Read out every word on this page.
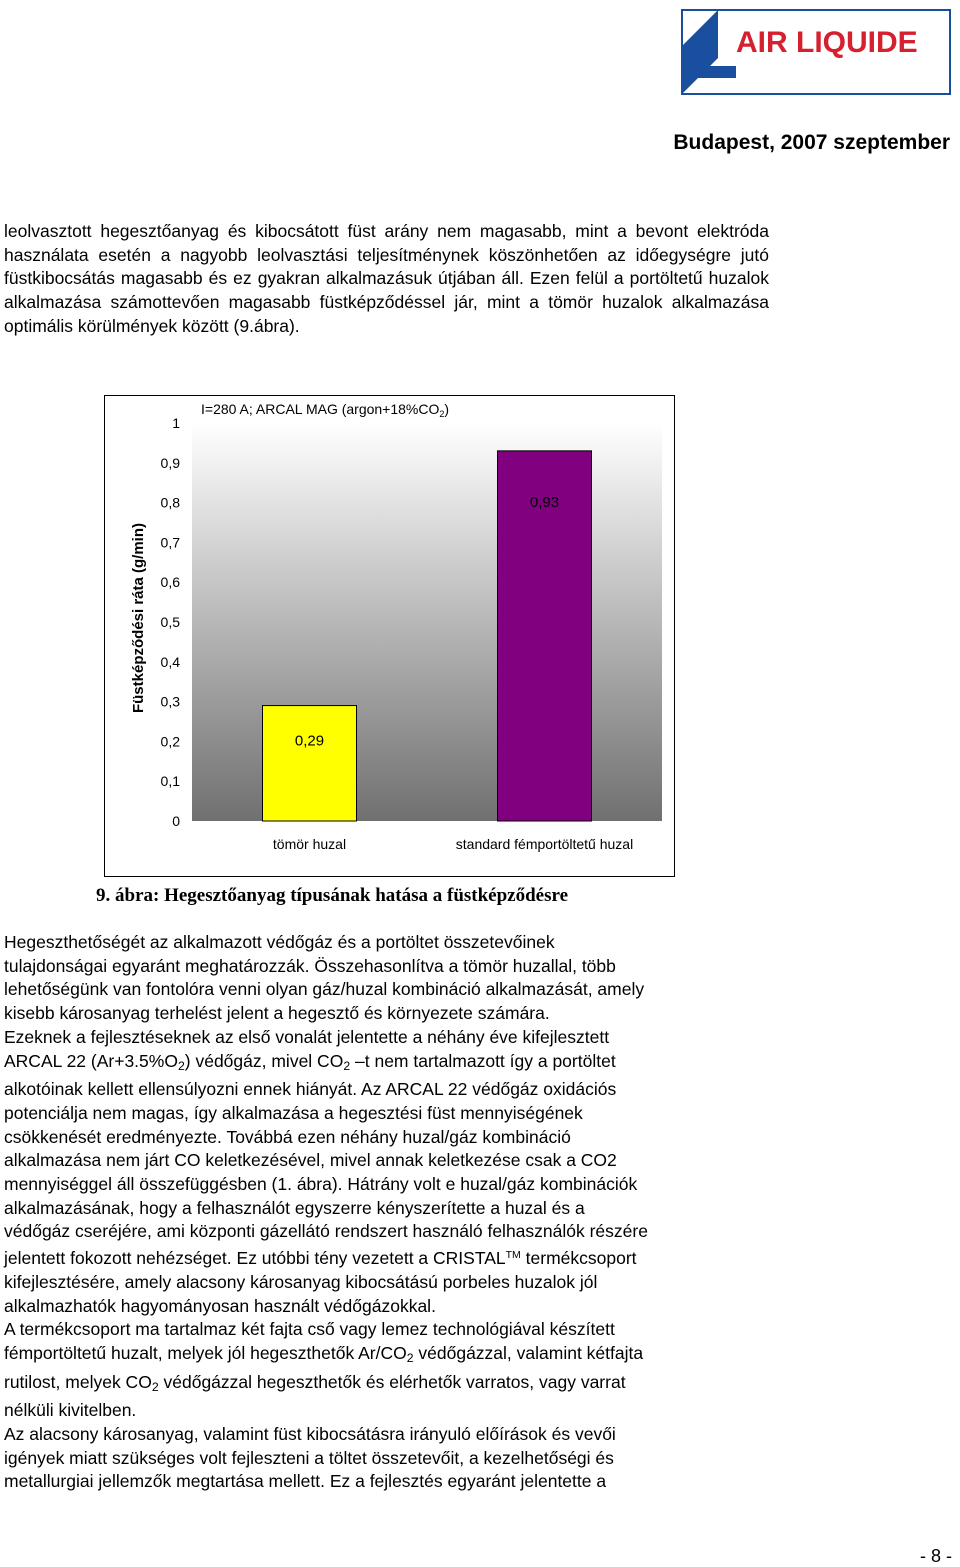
AIR LIQUIDE
Budapest, 2007 szeptember

leolvasztott hegesztőanyag és kibocsátott füst arány nem magasabb, mint a bevont elektróda használata esetén a nagyobb leolvasztási teljesítménynek köszönhetően az időegységre jutó füstkibocsátás magasabb és ez gyakran alkalmazásuk útjában áll. Ezen felül a portöltetű huzalok alkalmazása számottevően magasabb füstképződéssel jár, mint a tömör huzalok alkalmazása optimális körülmények között (9.ábra).

0
0,1
0,2
0,3
0,4
0,5
0,6
0,7
0,8
0,9
1
0,29
0,93
tömör huzal	standard fémportöltetű huzal
I=280 A; ARCAL MAG $(argon+18\%CO_2)$
Füstképződési ráta (g/min)
9. ábra: Hegesztőanyag típusának hatása a füstképződésre
Hegeszthetőségét az alkalmazott védőgáz és a portöltet összetevőinek
tulajdonságai egyaránt meghatározzák. Összehasonlítva a tömör huzallal, több
lehetőségünk van fontolóra venni olyan gáz/huzal kombináció alkalmazását, amely
kisebb károsanyag terhelést jelent a hegesztő és környezete számára.
Ezeknek a fejlesztéseknek az első vonalát jelentette a néhány éve kifejlesztett
ARCAL 22 $(Ar+3.5\%O_2)$ védőgáz, mivel $CO_2$ –t nem tartalmazott így a portöltet
alkotóinak kellett ellensúlyozni ennek hiányát. Az ARCAL 22 védőgáz oxidációs
potenciálja nem magas, így alkalmazása a hegesztési füst mennyiségének
csökkenését eredményezte. Továbbá ezen néhány huzal/gáz kombináció
alkalmazása nem járt CO keletkezésével, mivel annak keletkezése csak a CO2
mennyiséggel áll összefüggésben (1. ábra). Hátrány volt e huzal/gáz kombinációk
alkalmazásának, hogy a felhasználót egyszerre kényszerítette a huzal és a
védőgáz cseréjére, ami központi gázellátó rendszert használó felhasználók részére
jelentett fokozott nehézséget. Ez utóbbi tény vezetett a CRISTAL™ termékcsoport
kifejlesztésére, amely alacsony károsanyag kibocsátású porbeles huzalok jól
alkalmazhatók hagyományosan használt védőgázokkal.
A termékcsoport ma tartalmaz két fajta cső vagy lemez technológiával készített
fémportöltetű huzalt, melyek jól hegeszthetők $Ar/CO_2$ védőgázzal, valamint kétfajta
rutilost, melyek $CO_2$ védőgázzal hegeszthetők és elérhetők varratos, vagy varrat
nélküli kivitelben.
Az alacsony károsanyag, valamint füst kibocsátásra irányuló előírások és vevői
igények miatt szükséges volt fejleszteni a töltet összetevőit, a kezelhetőségi és
metallurgiai jellemzők megtartása mellett. Ez a fejlesztés egyaránt jelentette a
- 8 -
